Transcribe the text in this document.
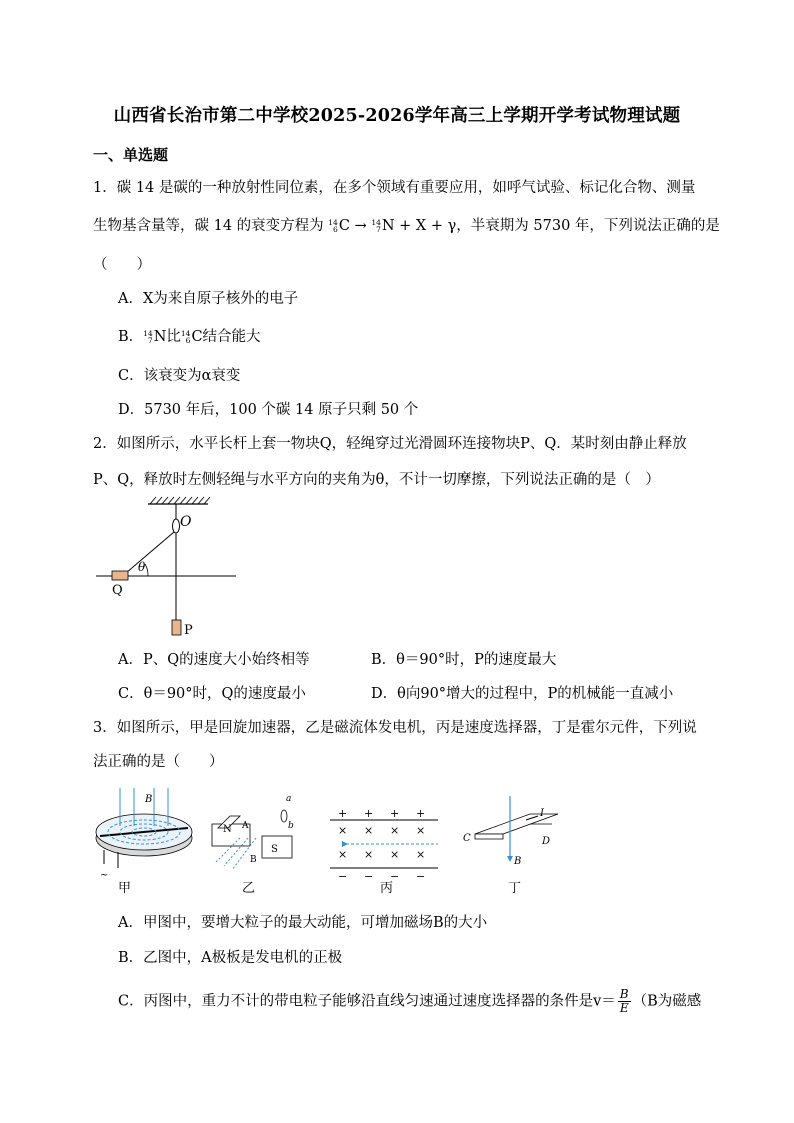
山西省长治市第二中学校2025-2026学年高三上学期开学考试物理试题
一、单选题
1．碳 14 是碳的一种放射性同位素，在多个领域有重要应用，如呼气试验、标记化合物、测量
生物基含量等，碳 14 的衰变方程为 14
6 C → 14
7 N + X + γ，半衰期为 5730 年，下列说法正确的是
（　　）
A．X为来自原子核外的电子
B． 14
7 N比 14
6 C结合能大
C．该衰变为α衰变
D．5730 年后，100 个碳 14 原子只剩 50 个
2．如图所示，水平长杆上套一物块Q，轻绳穿过光滑圆环连接物块P、Q．某时刻由静止释放
P、Q，释放时左侧轻绳与水平方向的夹角为θ，不计一切摩擦，下列说法正确的是（　）
O
Q
θ
P
A．P、Q的速度大小始终相等	B．θ＝90°时，P的速度最大
C．θ＝90°时，Q的速度最小	D．θ向90°增大的过程中，P的机械能一直减小
3．如图所示，甲是回旋加速器，乙是磁流体发电机，丙是速度选择器，丁是霍尔元件，下列说
法正确的是（　　）
B
~
甲
N A
B
S
a
b
乙
+ + + +
× × × ×
× × × ×
− − − −
丙
I
C	D
B
丁
A．甲图中，要增大粒子的最大动能，可增加磁场B的大小
B．乙图中，A极板是发电机的正极
C．丙图中，重力不计的带电粒子能够沿直线匀速通过速度选择器的条件是$v= \frac{B}{E} (B$为磁感
